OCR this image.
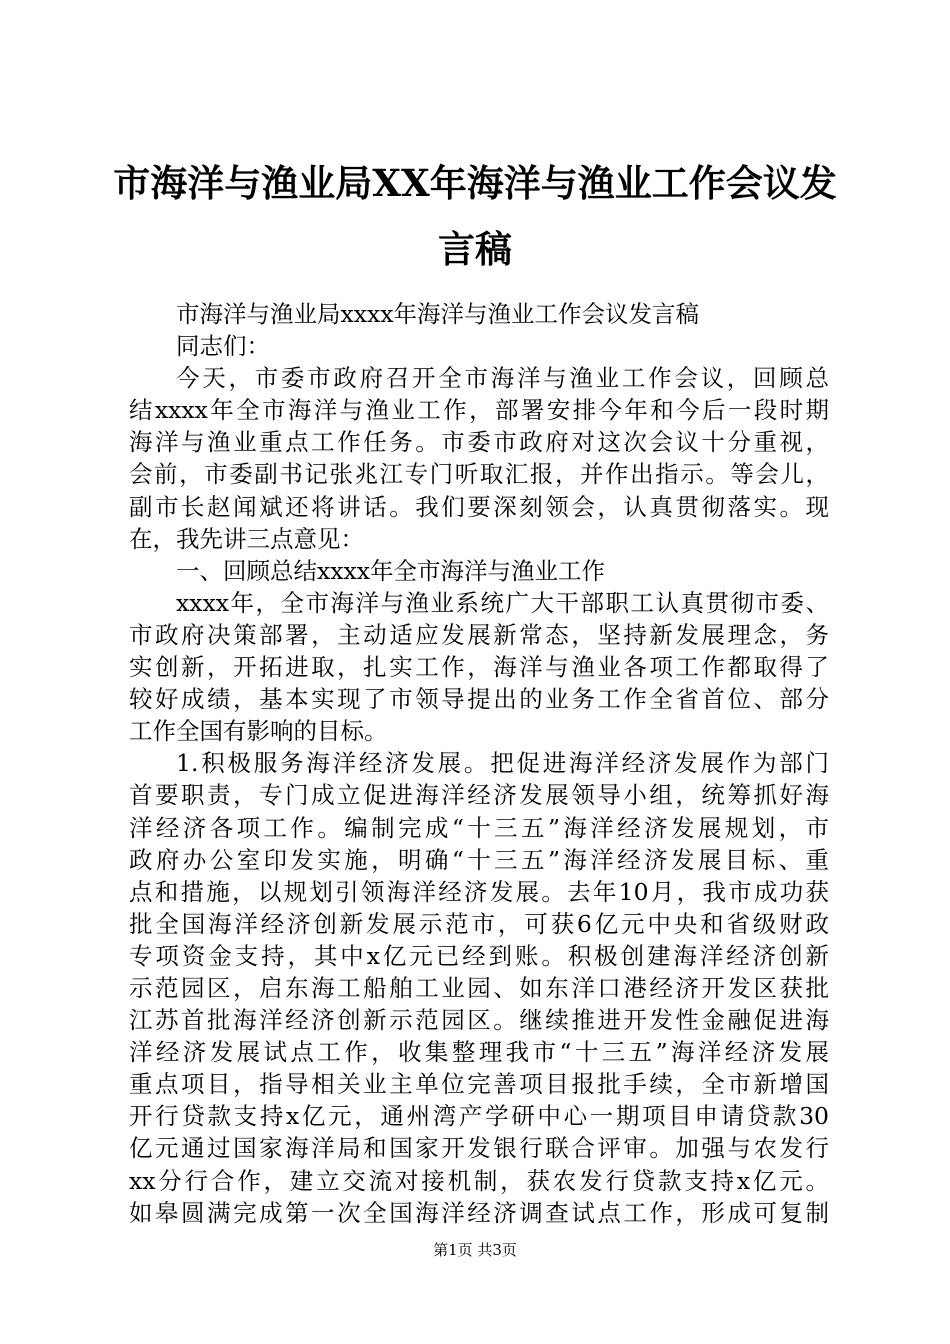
市海洋与渔业局XX年海洋与渔业工作会议发
言稿
市海洋与渔业局xxxx年海洋与渔业工作会议发言稿
同志们：
今天，市委市政府召开全市海洋与渔业工作会议，回顾总
结xxxx年全市海洋与渔业工作，部署安排今年和今后一段时期
海洋与渔业重点工作任务。市委市政府对这次会议十分重视，
会前，市委副书记张兆江专门听取汇报，并作出指示。等会儿，
副市长赵闻斌还将讲话。我们要深刻领会，认真贯彻落实。现
在，我先讲三点意见：
一、回顾总结xxxx年全市海洋与渔业工作
xxxx年，全市海洋与渔业系统广大干部职工认真贯彻市委、
市政府决策部署，主动适应发展新常态，坚持新发展理念，务
实创新，开拓进取，扎实工作，海洋与渔业各项工作都取得了
较好成绩，基本实现了市领导提出的业务工作全省首位、部分
工作全国有影响的目标。
1.积极服务海洋经济发展。把促进海洋经济发展作为部门
首要职责，专门成立促进海洋经济发展领导小组，统筹抓好海
洋经济各项工作。编制完成“十三五”海洋经济发展规划，市
政府办公室印发实施，明确“十三五”海洋经济发展目标、重
点和措施，以规划引领海洋经济发展。去年10月，我市成功获
批全国海洋经济创新发展示范市，可获6亿元中央和省级财政
专项资金支持，其中x亿元已经到账。积极创建海洋经济创新
示范园区，启东海工船舶工业园、如东洋口港经济开发区获批
江苏首批海洋经济创新示范园区。继续推进开发性金融促进海
洋经济发展试点工作，收集整理我市“十三五”海洋经济发展
重点项目，指导相关业主单位完善项目报批手续，全市新增国
开行贷款支持x亿元，通州湾产学研中心一期项目申请贷款30
亿元通过国家海洋局和国家开发银行联合评审。加强与农发行
xx分行合作，建立交流对接机制，获农发行贷款支持x亿元。
如皋圆满完成第一次全国海洋经济调查试点工作，形成可复制
第1页 共3页
